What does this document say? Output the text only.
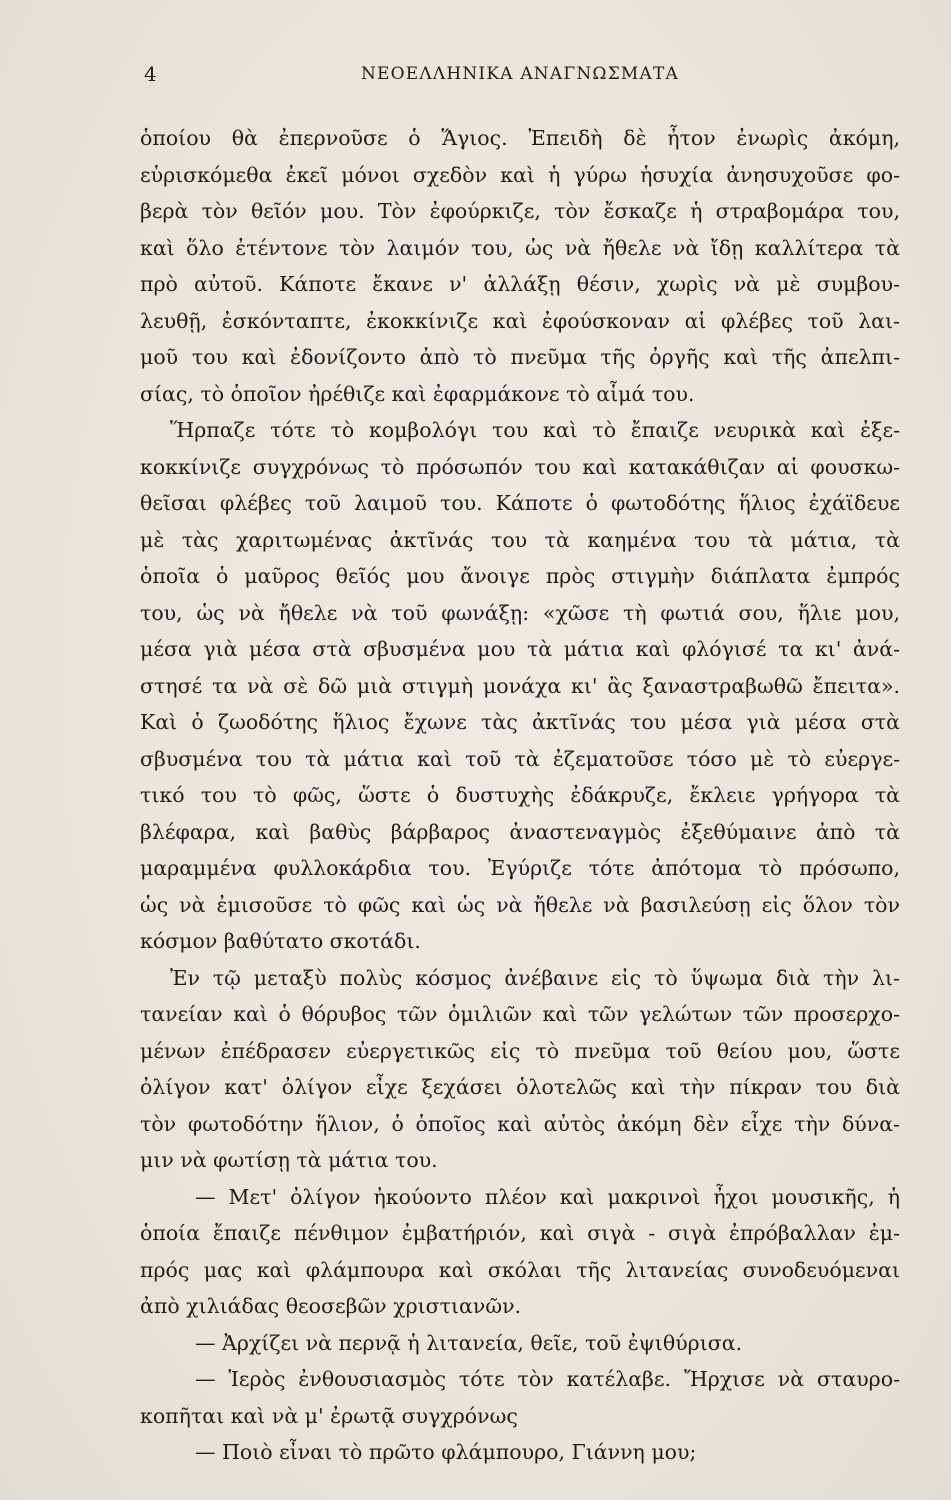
4	ΝΕΟΕΛΛΗΝΙΚΑ ΑΝΑΓΝΩΣΜΑΤΑ
ὁποίου θὰ ἐπερνοῦσε ὁ Ἅγιος. Ἐπειδὴ δὲ ἦτον ἐνωρὶς ἀκόμη,
εὑρισκόμεθα ἐκεῖ μόνοι σχεδὸν καὶ ἡ γύρω ἡσυχία ἀνησυχοῦσε φο-
βερὰ τὸν θεῖόν μου. Τὸν ἐφούρκιζε, τὸν ἔσκαζε ἡ στραβομάρα του,
καὶ ὅλο ἐτέντονε τὸν λαιμόν του, ὡς νὰ ἤθελε νὰ ἴδῃ καλλίτερα τὰ
πρὸ αὐτοῦ. Κάποτε ἔκανε ν' ἀλλάξῃ θέσιν, χωρὶς νὰ μὲ συμβου-
λευθῇ, ἐσκόνταπτε, ἐκοκκίνιζε καὶ ἐφούσκοναν αἱ φλέβες τοῦ λαι-
μοῦ του καὶ ἐδονίζοντο ἀπὸ τὸ πνεῦμα τῆς ὀργῆς καὶ τῆς ἀπελπι-
σίας, τὸ ὁποῖον ἠρέθιζε καὶ ἐφαρμάκονε τὸ αἷμά του.
Ἥρπαζε τότε τὸ κομβολόγι του καὶ τὸ ἔπαιζε νευρικὰ καὶ ἐξε-
κοκκίνιζε συγχρόνως τὸ πρόσωπόν του καὶ κατακάθιζαν αἱ φουσκω-
θεῖσαι φλέβες τοῦ λαιμοῦ του. Κάποτε ὁ φωτοδότης ἥλιος ἐχάϊδευε
μὲ τὰς χαριτωμένας ἀκτῖνάς του τὰ καημένα του τὰ μάτια, τὰ
ὁποῖα ὁ μαῦρος θεῖός μου ἄνοιγε πρὸς στιγμὴν διάπλατα ἐμπρός
του, ὡς νὰ ἤθελε νὰ τοῦ φωνάξῃ: «χῶσε τὴ φωτιά σου, ἥλιε μου,
μέσα γιὰ μέσα στὰ σβυσμένα μου τὰ μάτια καὶ φλόγισέ τα κι' ἀνά-
στησέ τα νὰ σὲ δῶ μιὰ στιγμὴ μονάχα κι' ἂς ξαναστραβωθῶ ἔπειτα».
Καὶ ὁ ζωοδότης ἥλιος ἔχωνε τὰς ἀκτῖνάς του μέσα γιὰ μέσα στὰ
σβυσμένα του τὰ μάτια καὶ τοῦ τὰ ἐζεματοῦσε τόσο μὲ τὸ εὐεργε-
τικό του τὸ φῶς, ὥστε ὁ δυστυχὴς ἐδάκρυζε, ἔκλειε γρήγορα τὰ
βλέφαρα, καὶ βαθὺς βάρβαρος ἀναστεναγμὸς ἐξεθύμαινε ἀπὸ τὰ
μαραμμένα φυλλοκάρδια του. Ἐγύριζε τότε ἀπότομα τὸ πρόσωπο,
ὡς νὰ ἐμισοῦσε τὸ φῶς καὶ ὡς νὰ ἤθελε νὰ βασιλεύσῃ εἰς ὅλον τὸν
κόσμον βαθύτατο σκοτάδι.
Ἐν τῷ μεταξὺ πολὺς κόσμος ἀνέβαινε εἰς τὸ ὕψωμα διὰ τὴν λι-
τανείαν καὶ ὁ θόρυβος τῶν ὁμιλιῶν καὶ τῶν γελώτων τῶν προσερχο-
μένων ἐπέδρασεν εὐεργετικῶς εἰς τὸ πνεῦμα τοῦ θείου μου, ὥστε
ὀλίγον κατ' ὀλίγον εἶχε ξεχάσει ὁλοτελῶς καὶ τὴν πίκραν του διὰ
τὸν φωτοδότην ἥλιον, ὁ ὁποῖος καὶ αὐτὸς ἀκόμη δὲν εἶχε τὴν δύνα-
μιν νὰ φωτίσῃ τὰ μάτια του.
— Μετ' ὀλίγον ἠκούοντο πλέον καὶ μακρινοὶ ἦχοι μουσικῆς, ἡ
ὁποία ἔπαιζε πένθιμον ἐμβατήριόν, καὶ σιγὰ - σιγὰ ἐπρόβαλλαν ἐμ-
πρός μας καὶ φλάμπουρα καὶ σκόλαι τῆς λιτανείας συνοδευόμεναι
ἀπὸ χιλιάδας θεοσεβῶν χριστιανῶν.
— Ἀρχίζει νὰ περνᾷ ἡ λιτανεία, θεῖε, τοῦ ἐψιθύρισα.
— Ἱερὸς ἐνθουσιασμὸς τότε τὸν κατέλαβε. Ἤρχισε νὰ σταυρο-
κοπῆται καὶ νὰ μ' ἐρωτᾷ συγχρόνως
— Ποιὸ εἶναι τὸ πρῶτο φλάμπουρο, Γιάννη μου;
